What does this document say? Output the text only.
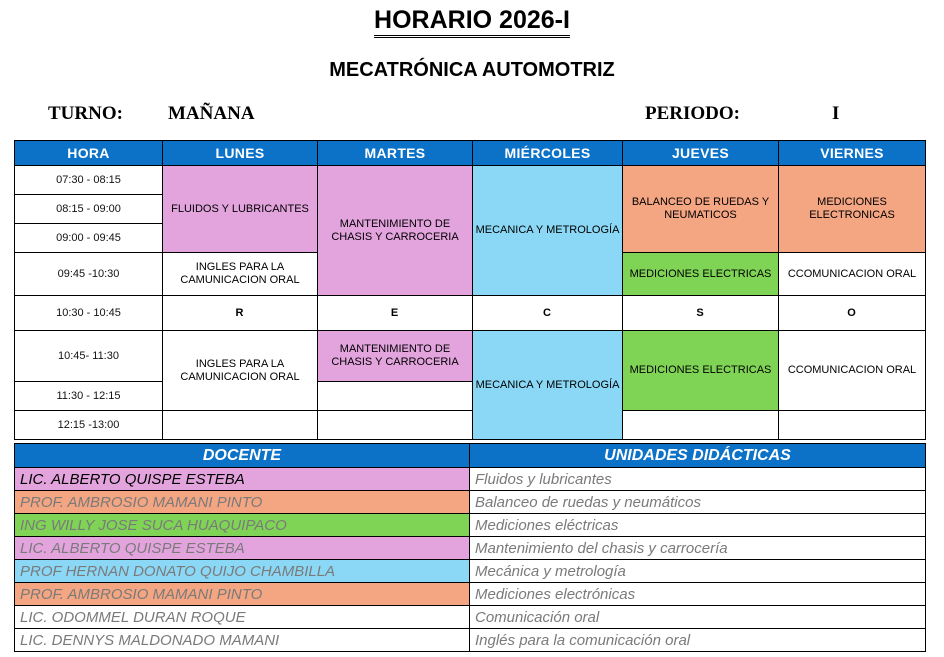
HORARIO 2026-I
MECATRÓNICA AUTOMOTRIZ
TURNO: MAÑANA	PERIODO:	I
HORA	LUNES	MARTES	MIÉRCOLES	JUEVES	VIERNES
07:30 - 08:15	FLUIDOS Y LUBRICANTES	MANTENIMIENTO DE CHASIS Y CARROCERIA	MECANICA Y METROLOGÍA	BALANCEO DE RUEDAS Y NEUMATICOS	MEDICIONES ELECTRONICAS
08:15 - 09:00					
09:00 - 09:45					
09:45 -10:30	INGLES PARA LA CAMUNICACION ORAL			MEDICIONES ELECTRICAS	CCOMUNICACION ORAL
10:30 - 10:45	R	E	C	S	O
10:45- 11:30	INGLES PARA LA CAMUNICACION ORAL	MANTENIMIENTO DE CHASIS Y CARROCERIA	MECANICA Y METROLOGÍA	MEDICIONES ELECTRICAS	CCOMUNICACION ORAL
11:30 - 12:15					
12:15 -13:00					
DOCENTE	UNIDADES DIDÁCTICAS
LIC. ALBERTO QUISPE ESTEBA	Fluidos y lubricantes
PROF. AMBROSIO MAMANI PINTO	Balanceo de ruedas y neumáticos
ING WILLY JOSE SUCA HUAQUIPACO	Mediciones eléctricas
LIC. ALBERTO QUISPE ESTEBA	Mantenimiento del chasis y carrocería
PROF HERNAN DONATO QUIJO CHAMBILLA	Mecánica y metrología
PROF. AMBROSIO MAMANI PINTO	Mediciones electrónicas
LIC. ODOMMEL DURAN ROQUE	Comunicación oral
LIC. DENNYS MALDONADO MAMANI	Inglés para la comunicación oral
